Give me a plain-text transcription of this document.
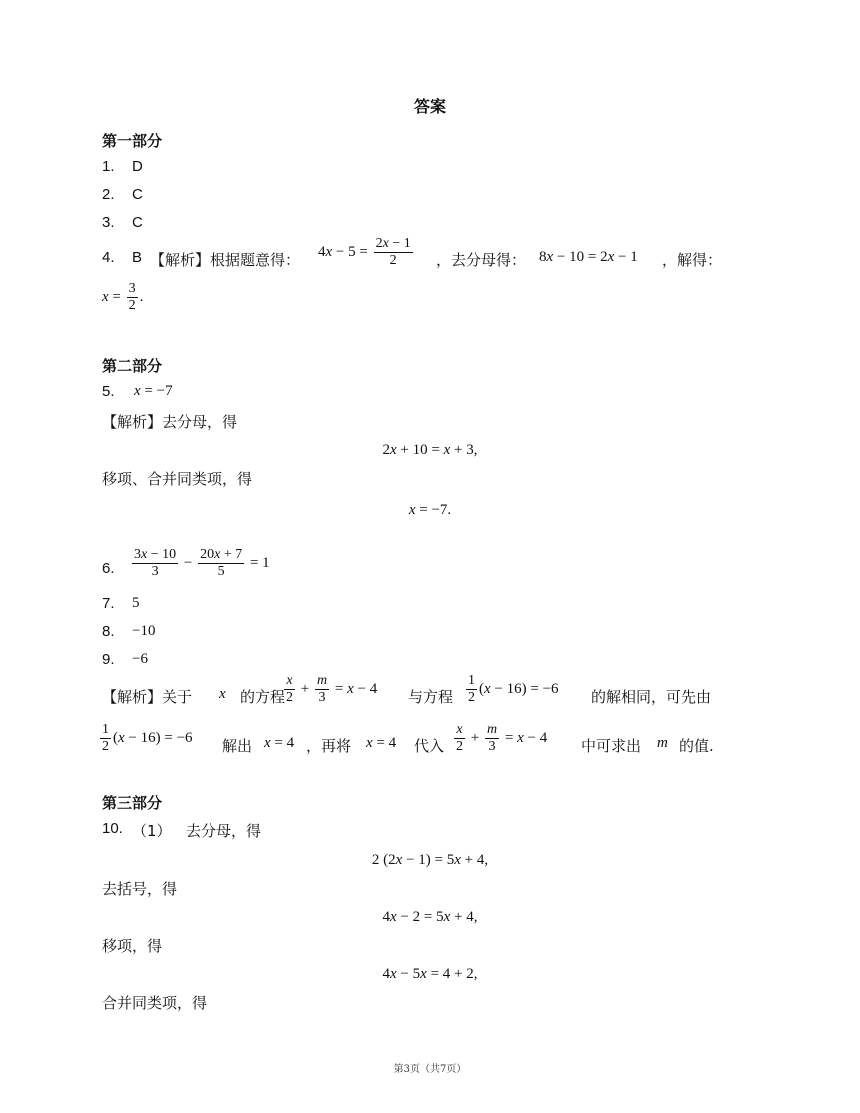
答案
第一部分
1. D
2. C
3. C
4. B 【解析】根据题意得： $4x - 5 = \frac{2x - 1}{2}$ ，去分母得： 8x − 10 = 2x − 1 ，解得：
$x = \frac{3}{2}$ .
第二部分
5. x = −7
【解析】去分母，得
2x + 10 = x + 3,
移项、合并同类项，得
x = −7.
6. $\frac{3x - 10}{3} - \frac{20x + 7}{5} = 1$
7. 5
8. −10
9. −6
【解析】关于 x 的方程
$\frac{x}{2} + \frac{m}{3} = x - 4$ 与方程 $\frac{1}{2} (x - 16) = -6$ 的解相同，可先由
$\frac{1}{2} (x - 16) = -6$ 解出 x = 4 ，再将 x = 4 代入 $\frac{x}{2} + \frac{m}{3} = x - 4$ 中可求出 m 的值.
第三部分
10. （1） 去分母，得
2 (2x − 1) = 5x + 4,
去括号，得
4x − 2 = 5x + 4,
移项，得
4x − 5x = 4 + 2,
合并同类项，得
第3页（共7页）
